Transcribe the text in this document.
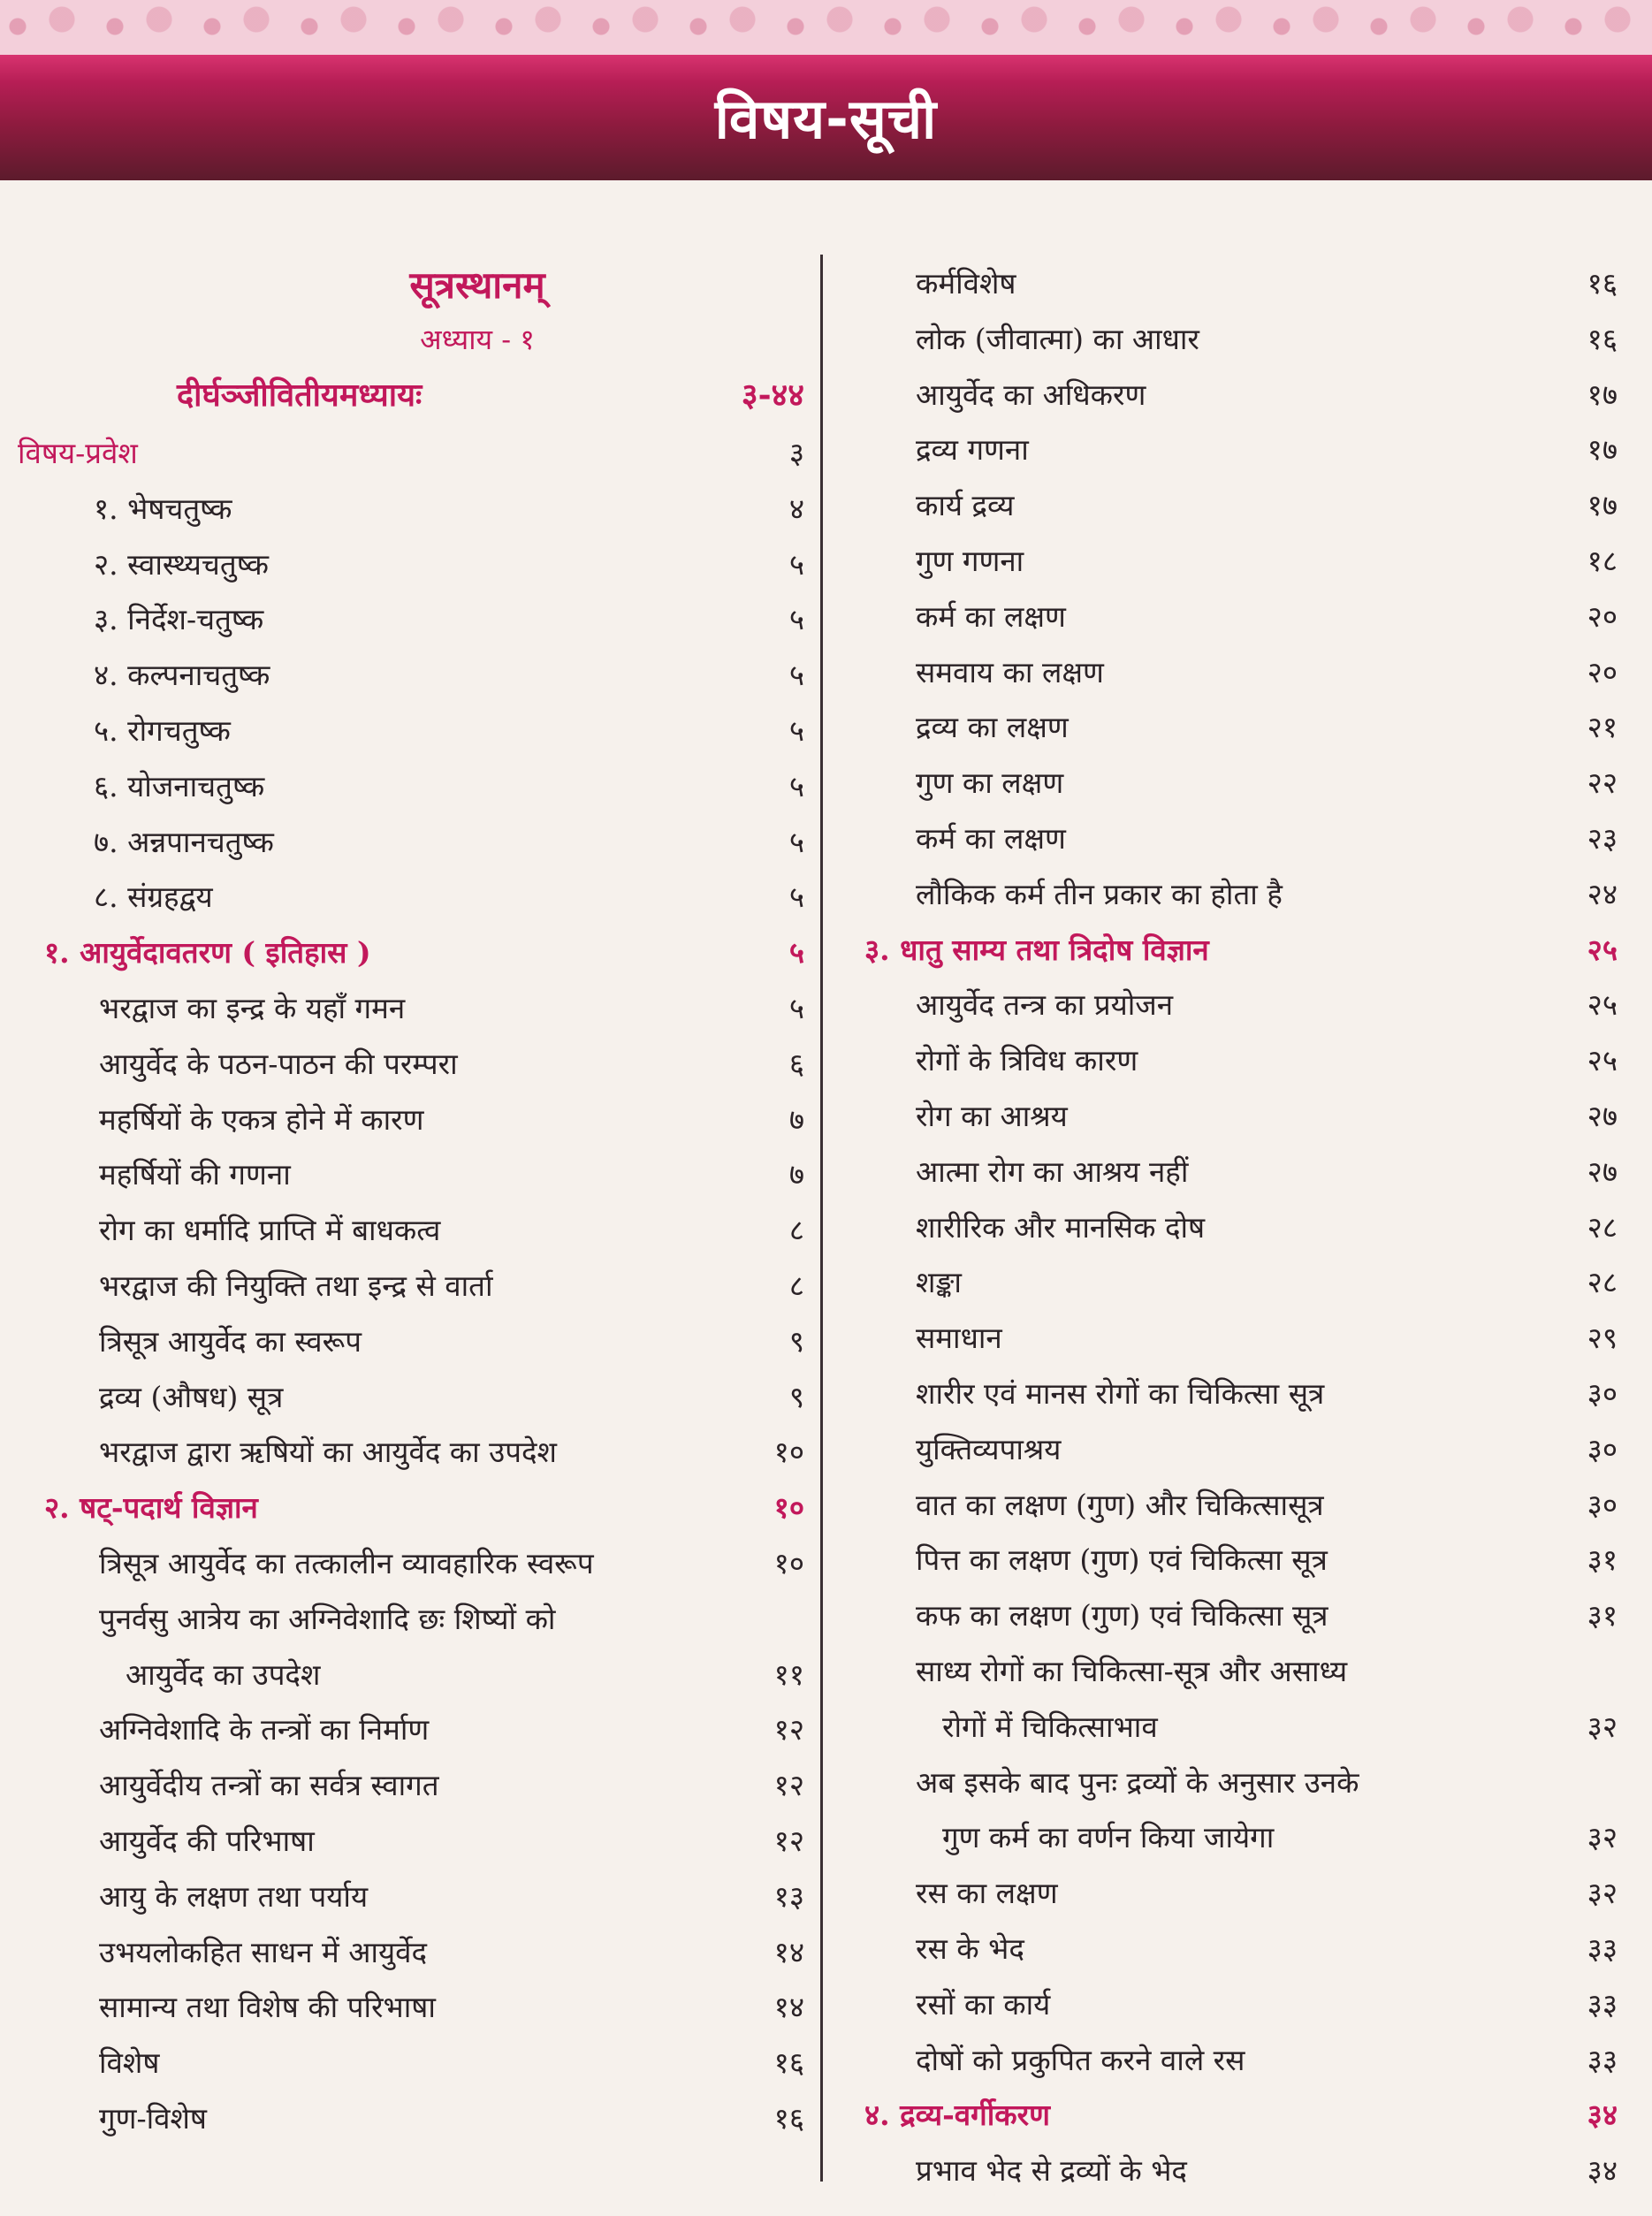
विषय-सूची
सूत्रस्थानम्
अध्याय - १
दीर्घञ्जीवितीयमध्यायः	३-४४
विषय-प्रवेश	३
१. भेषचतुष्क	४
२. स्वास्थ्यचतुष्क	५
३. निर्देश-चतुष्क	५
४. कल्पनाचतुष्क	५
५. रोगचतुष्क	५
६. योजनाचतुष्क	५
७. अन्नपानचतुष्क	५
८. संग्रहद्वय	५
१. आयुर्वेदावतरण ( इतिहास )	५
भरद्वाज का इन्द्र के यहाँ गमन	५
आयुर्वेद के पठन-पाठन की परम्परा	६
महर्षियों के एकत्र होने में कारण	७
महर्षियों की गणना	७
रोग का धर्मादि प्राप्ति में बाधकत्व	८
भरद्वाज की नियुक्ति तथा इन्द्र से वार्ता	८
त्रिसूत्र आयुर्वेद का स्वरूप	९
द्रव्य (औषध) सूत्र	९
भरद्वाज द्वारा ऋषियों का आयुर्वेद का उपदेश	१०
२. षट्-पदार्थ विज्ञान	१०
त्रिसूत्र आयुर्वेद का तत्कालीन व्यावहारिक स्वरूप	१०
पुनर्वसु आत्रेय का अग्निवेशादि छः शिष्यों को
आयुर्वेद का उपदेश	११
अग्निवेशादि के तन्त्रों का निर्माण	१२
आयुर्वेदीय तन्त्रों का सर्वत्र स्वागत	१२
आयुर्वेद की परिभाषा	१२
आयु के लक्षण तथा पर्याय	१३
उभयलोकहित साधन में आयुर्वेद	१४
सामान्य तथा विशेष की परिभाषा	१४
विशेष	१६
गुण-विशेष	१६
कर्मविशेष	१६
लोक (जीवात्मा) का आधार	१६
आयुर्वेद का अधिकरण	१७
द्रव्य गणना	१७
कार्य द्रव्य	१७
गुण गणना	१८
कर्म का लक्षण	२०
समवाय का लक्षण	२०
द्रव्य का लक्षण	२१
गुण का लक्षण	२२
कर्म का लक्षण	२३
लौकिक कर्म तीन प्रकार का होता है	२४
३. धातु साम्य तथा त्रिदोष विज्ञान	२५
आयुर्वेद तन्त्र का प्रयोजन	२५
रोगों के त्रिविध कारण	२५
रोग का आश्रय	२७
आत्मा रोग का आश्रय नहीं	२७
शारीरिक और मानसिक दोष	२८
शङ्का	२८
समाधान	२९
शारीर एवं मानस रोगों का चिकित्सा सूत्र	३०
युक्तिव्यपाश्रय	३०
वात का लक्षण (गुण) और चिकित्सासूत्र	३०
पित्त का लक्षण (गुण) एवं चिकित्सा सूत्र	३१
कफ का लक्षण (गुण) एवं चिकित्सा सूत्र	३१
साध्य रोगों का चिकित्सा-सूत्र और असाध्य
रोगों में चिकित्साभाव	३२
अब इसके बाद पुनः द्रव्यों के अनुसार उनके
गुण कर्म का वर्णन किया जायेगा	३२
रस का लक्षण	३२
रस के भेद	३३
रसों का कार्य	३३
दोषों को प्रकुपित करने वाले रस	३३
४. द्रव्य-वर्गीकरण	३४
प्रभाव भेद से द्रव्यों के भेद	३४
